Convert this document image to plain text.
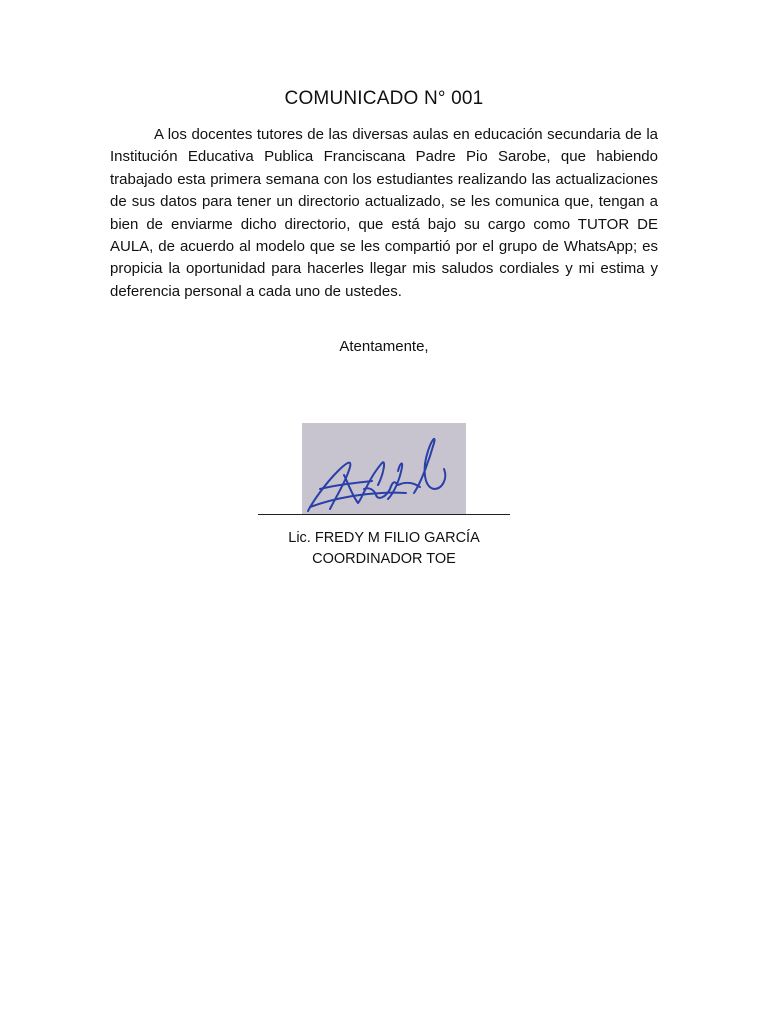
COMUNICADO N° 001

A los docentes tutores de las diversas aulas en educación secundaria de la Institución Educativa Publica Franciscana Padre Pio Sarobe, que habiendo trabajado esta primera semana con los estudiantes realizando las actualizaciones de sus datos para tener un directorio actualizado, se les comunica que, tengan a bien de enviarme dicho directorio, que está bajo su cargo como TUTOR DE AULA, de acuerdo al modelo que se les compartió por el grupo de WhatsApp; es propicia la oportunidad para hacerles llegar mis saludos cordiales y mi estima y deferencia personal a cada uno de ustedes.

Atentamente,
Lic. FREDY M FILIO GARCÍA
COORDINADOR TOE
